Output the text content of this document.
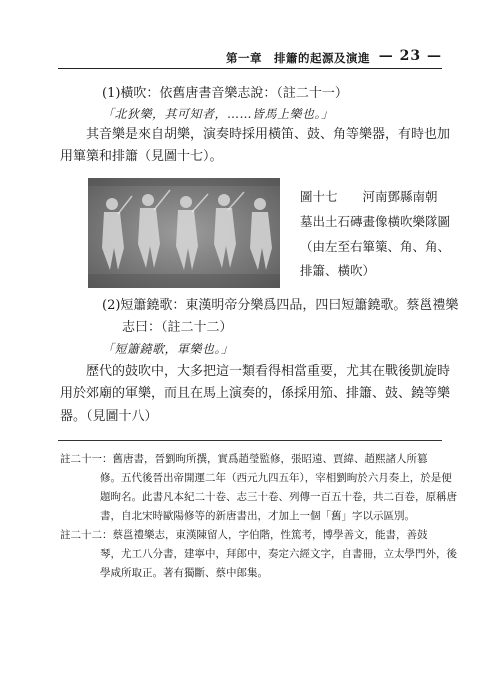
第一章　排簫的起源及演進 — 23 —
(1)橫吹：依舊唐書音樂志說：（註二十一）
「北狄樂，其可知者，……皆馬上樂也。」
其音樂是來自胡樂，演奏時採用橫笛、鼓、角等樂器，有時也加
用篳篥和排簫（見圖十七）。
圖十七　　河南鄧縣南朝
墓出土石磚畫像橫吹樂隊圖
（由左至右篳篥、角、角、
排簫、橫吹）
(2)短簫鐃歌：東漢明帝分樂爲四品，四曰短簫鐃歌。蔡邕禮樂
志曰：（註二十二）
「短簫鐃歌，軍樂也。」
歷代的鼓吹中，大多把這一類看得相當重要，尤其在戰後凱旋時
用於郊廟的軍樂，而且在馬上演奏的，係採用笳、排簫、鼓、鐃等樂
器。（見圖十八）
註二十一：舊唐書，晉劉昫所撰，實爲趙瑩監修，張昭遠、賈緯、趙熙諸人所篡
修。五代後晉出帝開運二年（西元九四五年），宰相劉昫於六月奏上，於是便
題昫名。此書凡本紀二十卷、志三十卷、列傳一百五十卷，共二百卷，原稱唐
書，自北宋時歐陽修等的新唐書出，才加上一個「舊」字以示區別。
註二十二：蔡邕禮樂志，東漢陳留人，字伯階，性篤考，博學善文，能書，善鼓
琴，尤工八分書，建寧中，拜郎中，奏定六經文字，自書冊，立太學門外，後
學咸所取正。著有獨斷、蔡中郎集。
